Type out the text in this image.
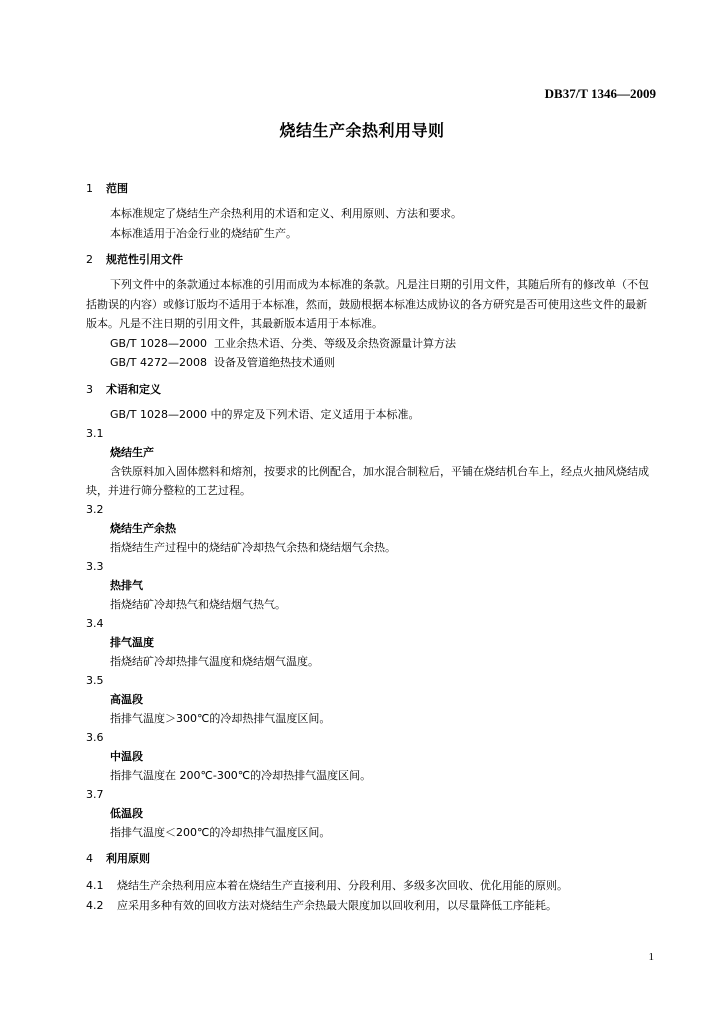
DB37/T 1346—2009
烧结生产余热利用导则
1 范围

本标准规定了烧结生产余热利用的术语和定义、利用原则、方法和要求。

本标准适用于冶金行业的烧结矿生产。

2 规范性引用文件

下列文件中的条款通过本标准的引用而成为本标准的条款。凡是注日期的引用文件，其随后所有的修改单（不包括勘误的内容）或修订版均不适用于本标准，然而，鼓励根据本标准达成协议的各方研究是否可使用这些文件的最新版本。凡是不注日期的引用文件，其最新版本适用于本标准。

GB/T 1028—2000 工业余热术语、分类、等级及余热资源量计算方法
GB/T 4272—2008 设备及管道绝热技术通则
3 术语和定义

GB/T 1028—2000 中的界定及下列术语、定义适用于本标准。

3.1

烧结生产

含铁原料加入固体燃料和熔剂，按要求的比例配合，加水混合制粒后，平铺在烧结机台车上，经点火抽风烧结成块，并进行筛分整粒的工艺过程。

3.2

烧结生产余热

指烧结生产过程中的烧结矿冷却热气余热和烧结烟气余热。

3.3

热排气

指烧结矿冷却热气和烧结烟气热气。

3.4

排气温度

指烧结矿冷却热排气温度和烧结烟气温度。

3.5

高温段

指排气温度＞300℃的冷却热排气温度区间。

3.6

中温段

指排气温度在 200℃-300℃的冷却热排气温度区间。

3.7

低温段

指排气温度＜200℃的冷却热排气温度区间。

4 利用原则

4.1 烧结生产余热利用应本着在烧结生产直接利用、分段利用、多级多次回收、优化用能的原则。

4.2 应采用多种有效的回收方法对烧结生产余热最大限度加以回收利用，以尽量降低工序能耗。

1
